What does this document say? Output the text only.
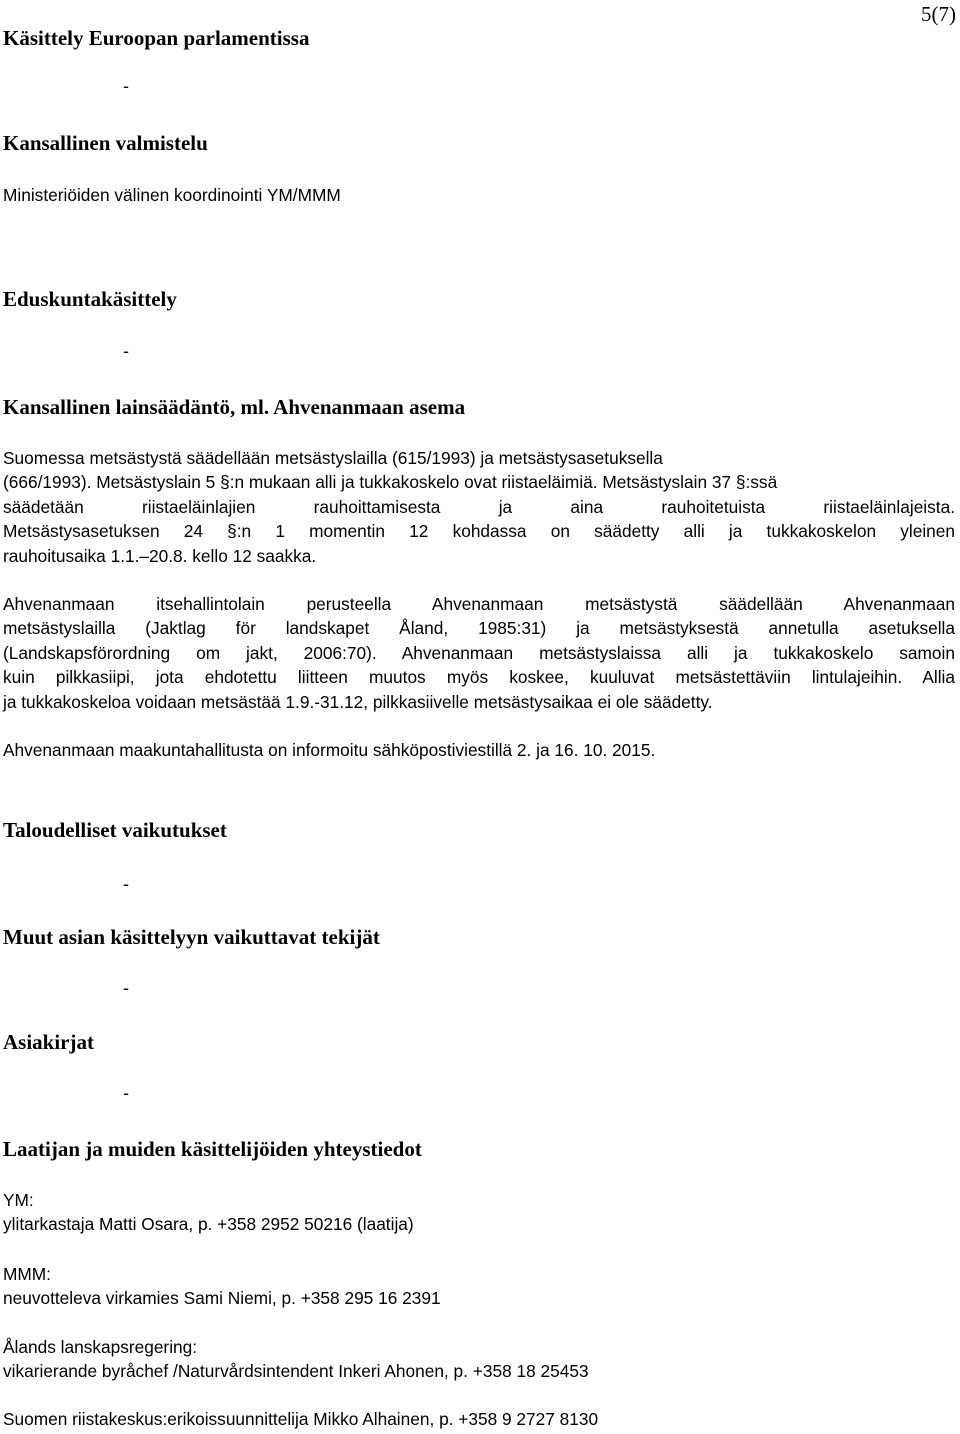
Käsittely Euroopan parlamentissa
5(7)
-
Kansallinen valmistelu
Ministeriöiden välinen koordinointi YM/MMM
Eduskuntakäsittely
-
Kansallinen lainsäädäntö, ml. Ahvenanmaan asema
Suomessa metsästystä säädellään metsästyslailla (615/1993) ja metsästysasetuksella
(666/1993). Metsästyslain 5 §:n mukaan alli ja tukkakoskelo ovat riistaeläimiä. Metsästyslain 37 §:ssä
säädetään riistaeläinlajien rauhoittamisesta ja aina rauhoitetuista riistaeläinlajeista.
Metsästysasetuksen 24 §:n 1 momentin 12 kohdassa on säädetty alli ja tukkakoskelon yleinen
rauhoitusaika 1.1.–20.8. kello 12 saakka.
Ahvenanmaan itsehallintolain perusteella Ahvenanmaan metsästystä säädellään Ahvenanmaan
metsästyslailla (Jaktlag för landskapet Åland, 1985:31) ja metsästyksestä annetulla asetuksella
(Landskapsförordning om jakt, 2006:70). Ahvenanmaan metsästyslaissa alli ja tukkakoskelo samoin
kuin pilkkasiipi, jota ehdotettu liitteen muutos myös koskee, kuuluvat metsästettäviin lintulajeihin. Allia
ja tukkakoskeloa voidaan metsästää 1.9.-31.12, pilkkasiivelle metsästysaikaa ei ole säädetty.
Ahvenanmaan maakuntahallitusta on informoitu sähköpostiviestillä 2. ja 16. 10. 2015.
Taloudelliset vaikutukset
-
Muut asian käsittelyyn vaikuttavat tekijät
-
Asiakirjat
-
Laatijan ja muiden käsittelijöiden yhteystiedot
YM:
ylitarkastaja Matti Osara, p. +358 2952 50216 (laatija)
MMM:
neuvotteleva virkamies Sami Niemi, p. +358 295 16 2391
Ålands lanskapsregering:
vikarierande byråchef /Naturvårdsintendent Inkeri Ahonen, p. +358 18 25453
Suomen riistakeskus:erikoissuunnittelija Mikko Alhainen, p. +358 9 2727 8130
